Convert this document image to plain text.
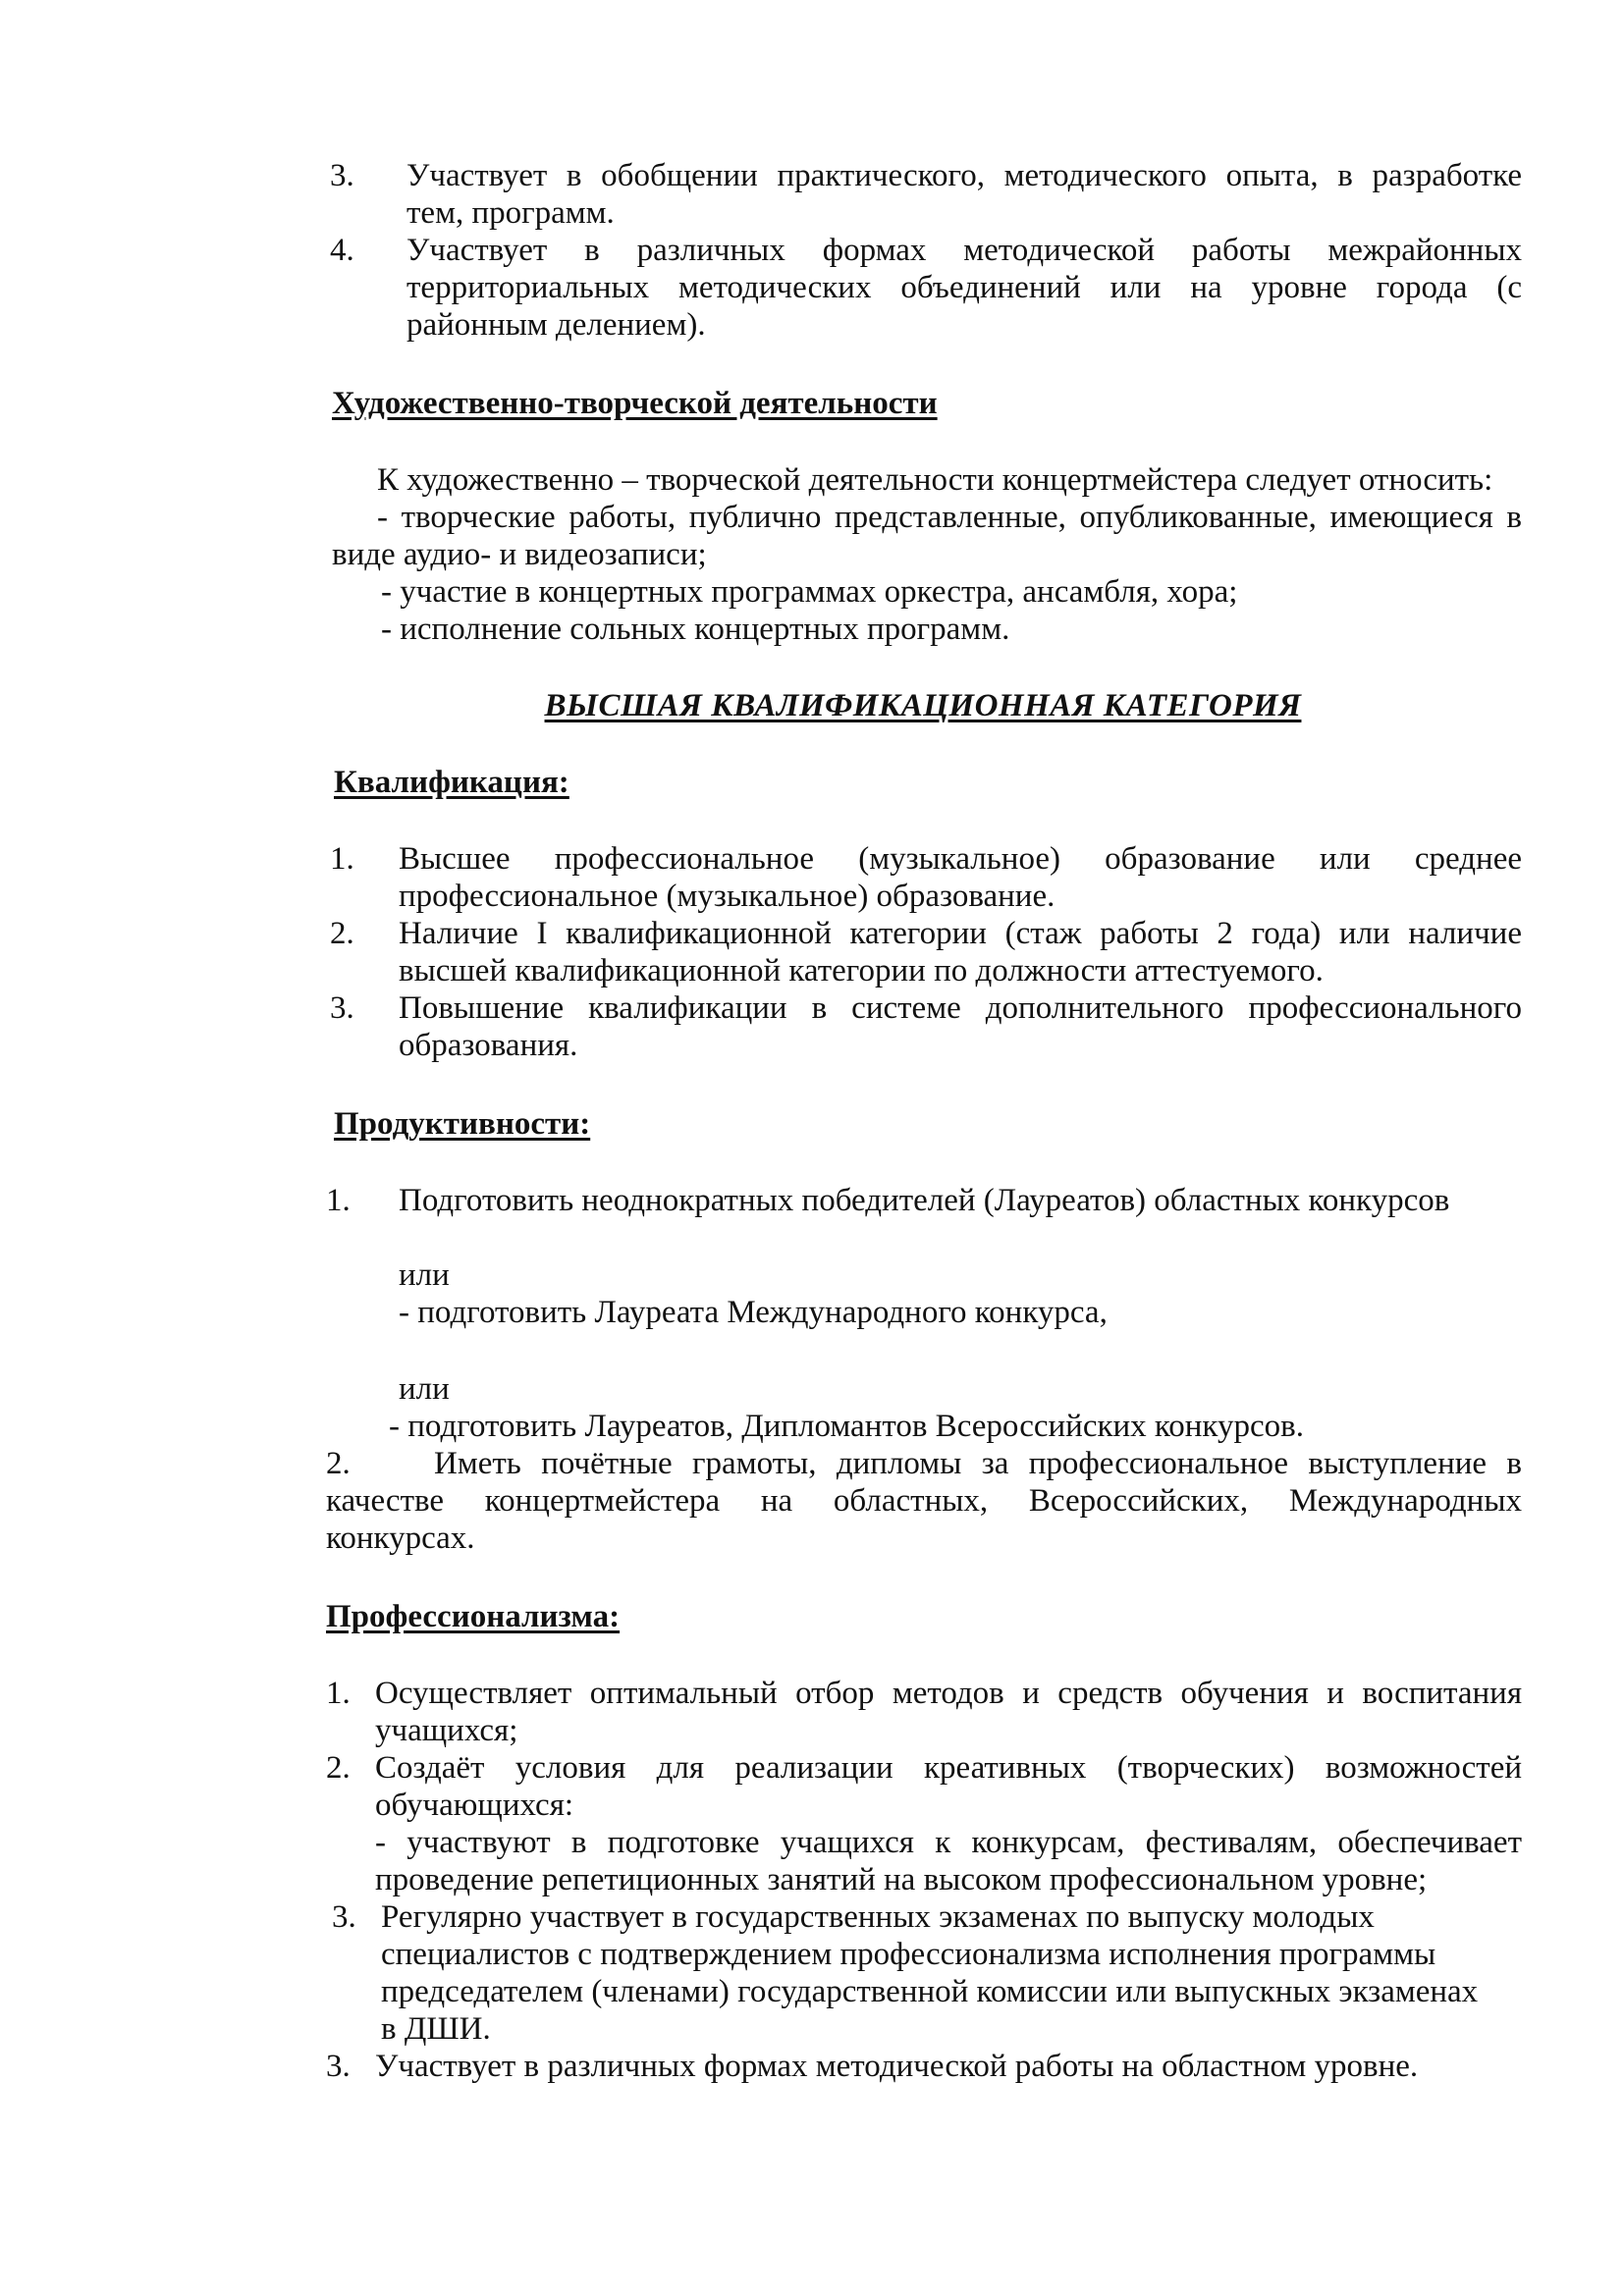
3. Участвует в обобщении практического, методического опыта, в разработке
тем, программ.
4. Участвует в различных формах методической работы межрайонных
территориальных методических объединений или на уровне города (с
районным делением).
Художественно-творческой деятельности
К художественно – творческой деятельности концертмейстера следует относить:
- творческие работы, публично представленные, опубликованные, имеющиеся в
виде аудио- и видеозаписи;
- участие в концертных программах оркестра, ансамбля, хора;
- исполнение сольных концертных программ.
ВЫСШАЯ КВАЛИФИКАЦИОННАЯ КАТЕГОРИЯ
Квалификация:
1. Высшее профессиональное (музыкальное) образование или среднее
профессиональное (музыкальное) образование.
2. Наличие I квалификационной категории (стаж работы 2 года) или наличие
высшей квалификационной категории по должности аттестуемого.
3. Повышение квалификации в системе дополнительного профессионального
образования.
Продуктивности:
1. Подготовить неоднократных победителей (Лауреатов) областных конкурсов
или
- подготовить Лауреата Международного конкурса,
или
- подготовить Лауреатов, Дипломантов Всероссийских конкурсов.
2.	Иметь почётные грамоты, дипломы за профессиональное выступление в
качестве концертмейстера на областных, Всероссийских, Международных
конкурсах.
Профессионализма:
1. Осуществляет оптимальный отбор методов и средств обучения и воспитания
учащихся;
2. Создаёт условия для реализации креативных (творческих) возможностей
обучающихся:
- участвуют в подготовке учащихся к конкурсам, фестивалям, обеспечивает
проведение репетиционных занятий на высоком профессиональном уровне;
3. Регулярно участвует в государственных экзаменах по выпуску молодых
специалистов с подтверждением профессионализма исполнения программы
председателем (членами) государственной комиссии или выпускных экзаменах
в ДШИ.
3. Участвует в различных формах методической работы на областном уровне.
